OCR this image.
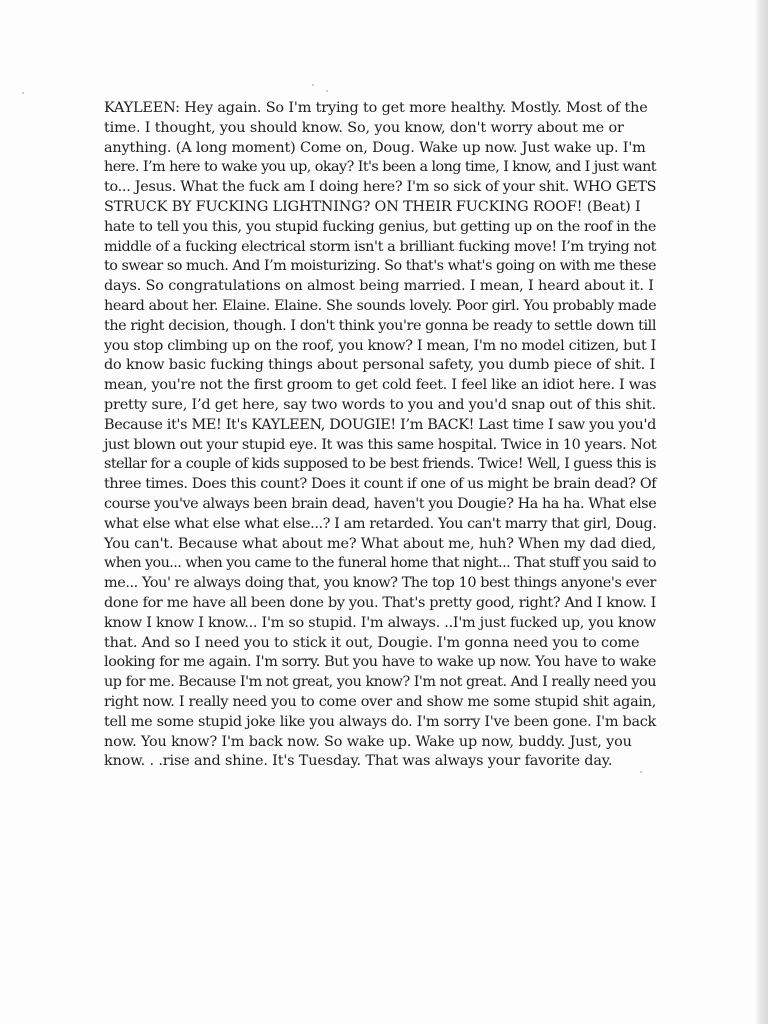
KAYLEEN: Hey again. So I'm trying to get more healthy. Mostly. Most of the
time. I thought, you should know. So, you know, don't worry about me or
anything. (A long moment) Come on, Doug. Wake up now. Just wake up. I'm
here. I’m here to wake you up, okay? It's been a long time, I know, and I just want
to... Jesus. What the fuck am I doing here? I'm so sick of your shit. WHO GETS
STRUCK BY FUCKING LIGHTNING? ON THEIR FUCKING ROOF! (Beat) I
hate to tell you this, you stupid fucking genius, but getting up on the roof in the
middle of a fucking electrical storm isn't a brilliant fucking move! I’m trying not
to swear so much. And I’m moisturizing. So that's what's going on with me these
days. So congratulations on almost being married. I mean, I heard about it. I
heard about her. Elaine. Elaine. She sounds lovely. Poor girl. You probably made
the right decision, though. I don't think you're gonna be ready to settle down till
you stop climbing up on the roof, you know? I mean, I'm no model citizen, but I
do know basic fucking things about personal safety, you dumb piece of shit. I
mean, you're not the first groom to get cold feet. I feel like an idiot here. I was
pretty sure, I’d get here, say two words to you and you'd snap out of this shit.
Because it's ME! It's KAYLEEN, DOUGIE! I’m BACK! Last time I saw you you'd
just blown out your stupid eye. It was this same hospital. Twice in 10 years. Not
stellar for a couple of kids supposed to be best friends. Twice! Well, I guess this is
three times. Does this count? Does it count if one of us might be brain dead? Of
course you've always been brain dead, haven't you Dougie? Ha ha ha. What else
what else what else what else...? I am retarded. You can't marry that girl, Doug.
You can't. Because what about me? What about me, huh? When my dad died,
when you... when you came to the funeral home that night... That stuff you said to
me... You' re always doing that, you know? The top 10 best things anyone's ever
done for me have all been done by you. That's pretty good, right? And I know. I
know I know I know... I'm so stupid. I'm always. ..I'm just fucked up, you know
that. And so I need you to stick it out, Dougie. I'm gonna need you to come
looking for me again. I'm sorry. But you have to wake up now. You have to wake
up for me. Because I'm not great, you know? I'm not great. And I really need you
right now. I really need you to come over and show me some stupid shit again,
tell me some stupid joke like you always do. I'm sorry I've been gone. I'm back
now. You know? I'm back now. So wake up. Wake up now, buddy. Just, you
know. . .rise and shine. It's Tuesday. That was always your favorite day.
